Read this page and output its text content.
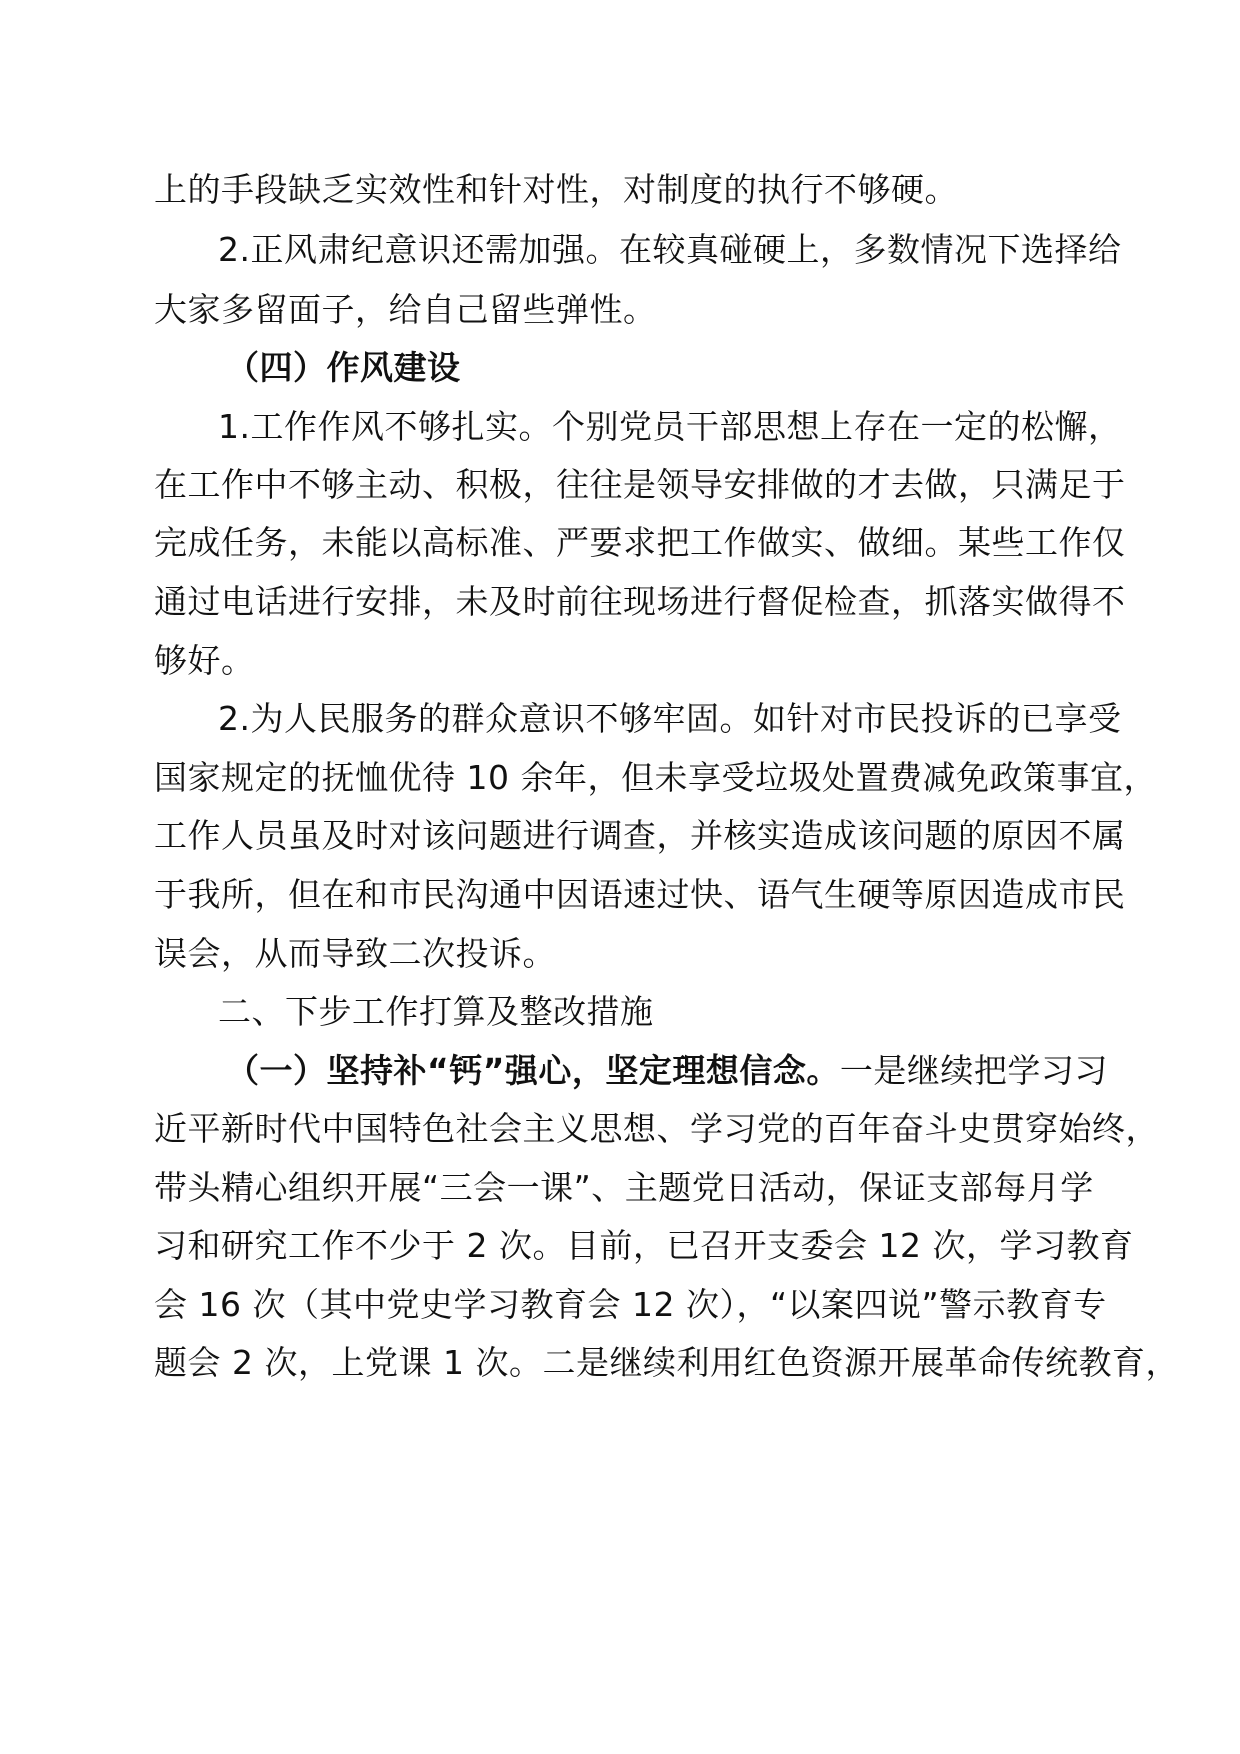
上的手段缺乏实效性和针对性，对制度的执行不够硬。
2.正风肃纪意识还需加强。在较真碰硬上，多数情况下选择给
大家多留面子，给自己留些弹性。
（四）作风建设
1.工作作风不够扎实。个别党员干部思想上存在一定的松懈，
在工作中不够主动、积极，往往是领导安排做的才去做，只满足于
完成任务，未能以高标准、严要求把工作做实、做细。某些工作仅
通过电话进行安排，未及时前往现场进行督促检查，抓落实做得不
够好。
2.为人民服务的群众意识不够牢固。如针对市民投诉的已享受
国家规定的抚恤优待 10 余年，但未享受垃圾处置费减免政策事宜，
工作人员虽及时对该问题进行调查，并核实造成该问题的原因不属
于我所，但在和市民沟通中因语速过快、语气生硬等原因造成市民
误会，从而导致二次投诉。
二、下步工作打算及整改措施
（一）坚持补“钙”强心，坚定理想信念。一是继续把学习习
近平新时代中国特色社会主义思想、学习党的百年奋斗史贯穿始终，
带头精心组织开展“三会一课”、主题党日活动，保证支部每月学
习和研究工作不少于 2 次。目前，已召开支委会 12 次，学习教育
会 16 次（其中党史学习教育会 12 次），“以案四说”警示教育专
题会 2 次，上党课 1 次。二是继续利用红色资源开展革命传统教育，
